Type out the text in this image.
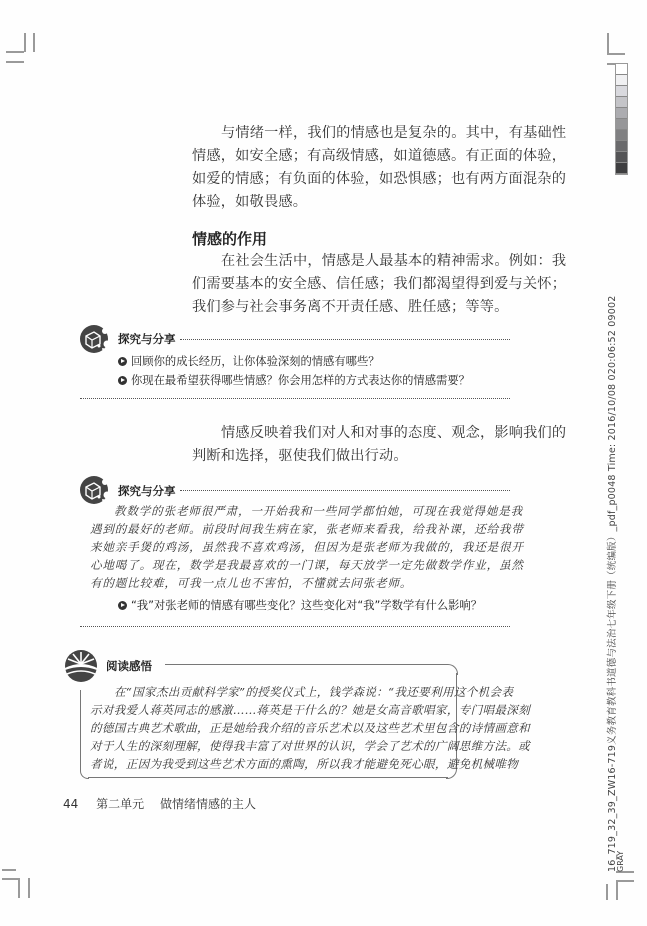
与情绪一样，我们的情感也是复杂的。其中，有基础性
情感，如安全感；有高级情感，如道德感。有正面的体验，
如爱的情感；有负面的体验，如恐惧感；也有两方面混杂的
体验，如敬畏感。
情感的作用
在社会生活中，情感是人最基本的精神需求。例如：我
们需要基本的安全感、信任感；我们都渴望得到爱与关怀；
我们参与社会事务离不开责任感、胜任感；等等。
探究与分享
回顾你的成长经历，让你体验深刻的情感有哪些？
你现在最希望获得哪些情感？你会用怎样的方式表达你的情感需要？
情感反映着我们对人和对事的态度、观念，影响我们的
判断和选择，驱使我们做出行动。
探究与分享
教数学的张老师很严肃，一开始我和一些同学都怕她，可现在我觉得她是我
遇到的最好的老师。前段时间我生病在家，张老师来看我，给我补课，还给我带
来她亲手煲的鸡汤，虽然我不喜欢鸡汤，但因为是张老师为我做的，我还是很开
心地喝了。现在，数学是我最喜欢的一门课，每天放学一定先做数学作业，虽然
有的题比较难，可我一点儿也不害怕，不懂就去问张老师。
“我”对张老师的情感有哪些变化？这些变化对“我”学数学有什么影响？
阅读感悟
在“国家杰出贡献科学家”的授奖仪式上，钱学森说：“我还要利用这个机会表
示对我爱人蒋英同志的感激……蒋英是干什么的？她是女高音歌唱家，专门唱最深刻
的德国古典艺术歌曲，正是她给我介绍的音乐艺术以及这些艺术里包含的诗情画意和
对于人生的深刻理解，使得我丰富了对世界的认识，学会了艺术的广阔思维方法。或
者说，正因为我受到这些艺术方面的熏陶，所以我才能避免死心眼，避免机械唯物
44 第二单元 做情绪情感的主人	16_719_32_39_ZW16-719义务教育教科书道德与法治七年级下册（统编版）_pdf_p0048 Time: 2016/10/08 020:06:52 09002
GRAY
